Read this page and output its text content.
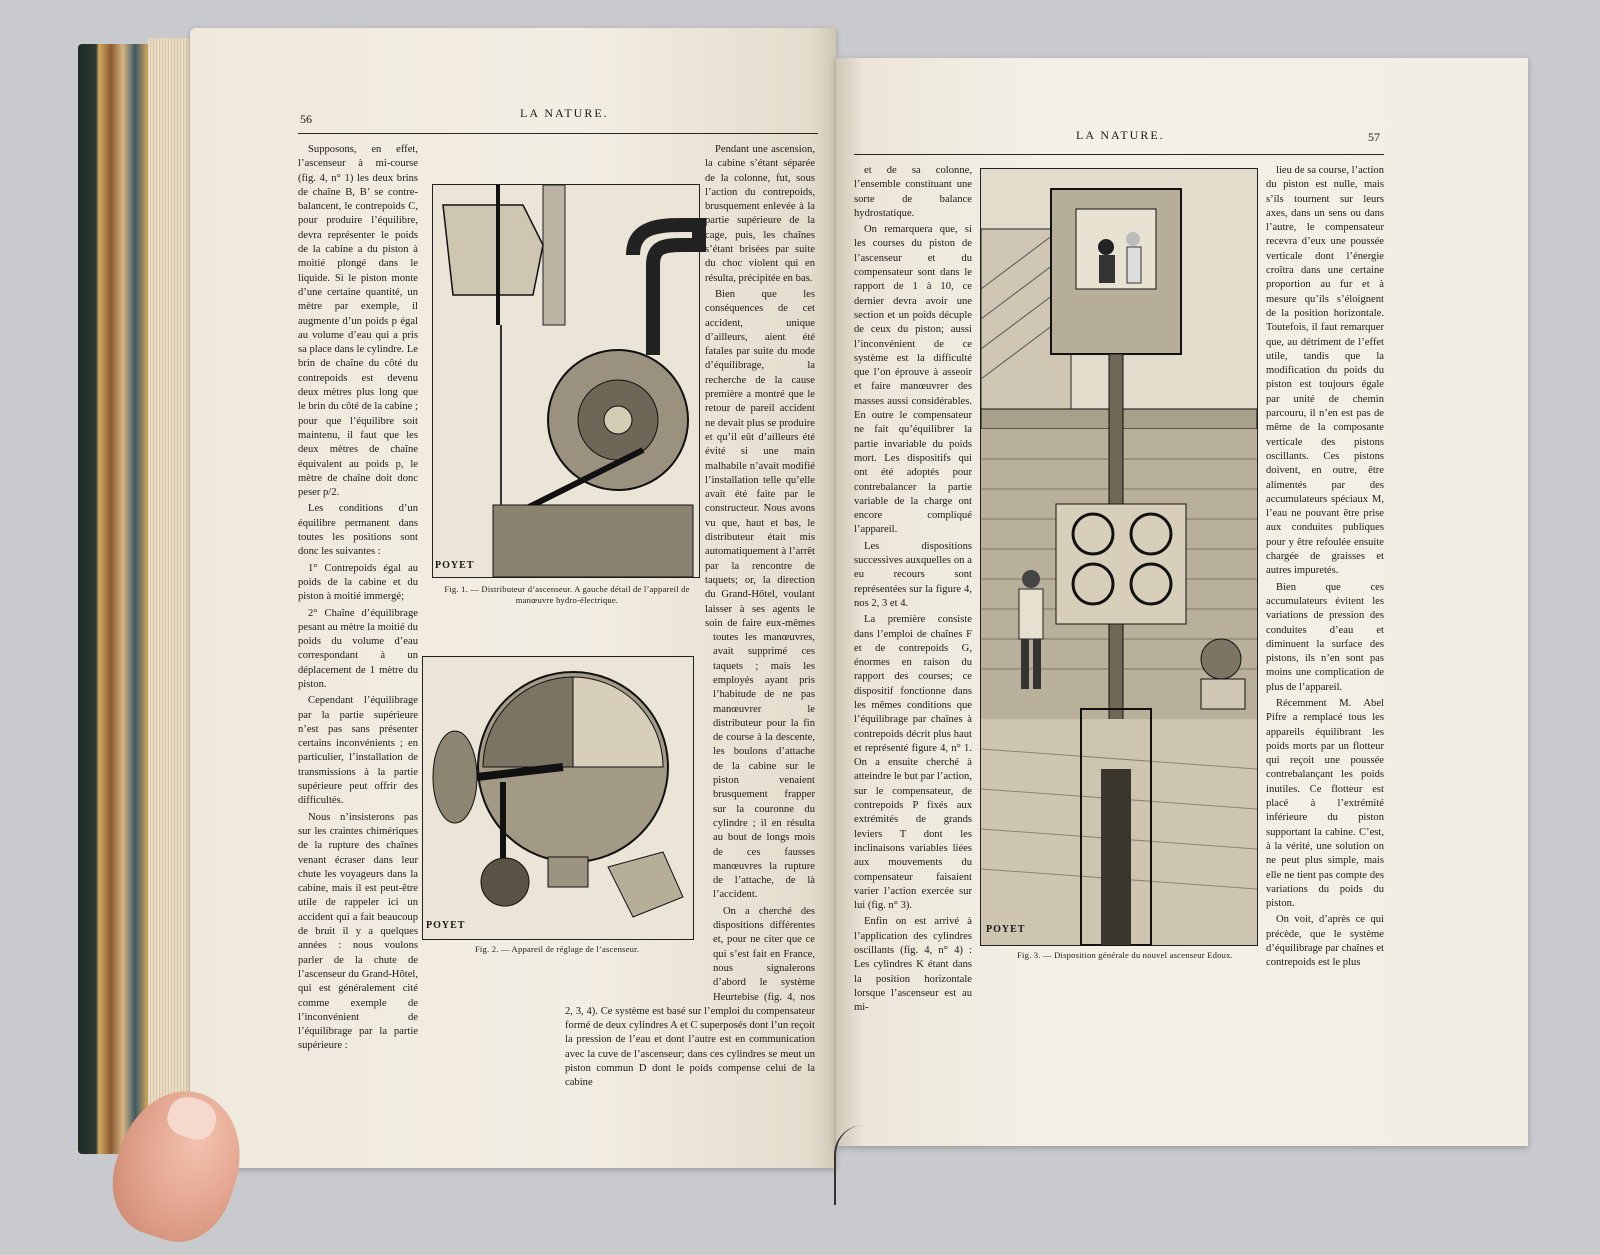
56	LA NATURE.

Supposons, en effet, l’ascenseur à mi-course (fig. 4, n° 1) les deux brins de chaîne B, B’ se contre-balancent, le contrepoids C, pour produire l’équilibre, devra représenter le poids de la cabine a du piston à moitié plongé dans le liquide. Si le piston monte d’une certaine quantité, un mètre par exemple, il augmente d’un poids p égal au volume d’eau qui a pris sa place dans le cylindre. Le brin de chaîne du côté du contrepoids est devenu deux mètres plus long que le brin du côté de la cabine ; pour que l’équilibre soit maintenu, il faut que les deux mètres de chaîne équivalent au poids p, le mètre de chaîne doit donc peser p/2.

Les conditions d’un équilibre permanent dans toutes les positions sont donc les suivantes :

1° Contrepoids égal au poids de la cabine et du piston à moitié immergé;

2° Chaîne d’équilibrage pesant au mètre la moitié du poids du volume d’eau correspondant à un déplacement de 1 mètre du piston.

Cependant l’équilibrage par la partie supérieure n’est pas sans présenter certains inconvénients ; en particulier, l’installation de transmissions à la partie supérieure peut offrir des difficultés.

Nous n’insisterons pas sur les craintes chimériques de la rupture des chaînes venant écraser dans leur chute les voyageurs dans la cabine, mais il est peut-être utile de rappeler ici un accident qui a fait beaucoup de bruit il y a quelques années : nous voulons parler de la chute de l’ascenseur du Grand-Hôtel, qui est généralement cité comme exemple de l’inconvénient de l’équilibrage par la partie supérieure :

POYET
Fig. 1. — Distributeur d’ascenseur. A gauche détail de l’appareil de manœuvre hydro-électrique.
POYET
Fig. 2. — Appareil de réglage de l’ascenseur.

Pendant une ascension, la cabine s’étant séparée de la colonne, fut, sous l’action du contrepoids, brusquement enlevée à la partie supérieure de la cage, puis, les chaînes s’étant brisées par suite du choc violent qui en résulta, précipitée en bas.

Bien que les conséquences de cet accident, unique d’ailleurs, aient été fatales par suite du mode d’équilibrage, la recherche de la cause première a montré que le retour de pareil accident ne devait plus se produire et qu’il eût d’ailleurs été évité si une main malhabile n’avait modifié l’installation telle qu’elle avait été faite par le constructeur. Nous avons vu que, haut et bas, le distributeur était mis automatiquement à l’arrêt par la rencontre de taquets; or, la direction du Grand-Hôtel, voulant laisser à ses agents le soin de faire eux-mêmes toutes les manœuvres, avait supprimé ces taquets ; mais les employés ayant pris l’habitude de ne pas manœuvrer le distributeur pour la fin de course à la descente, les boulons d’attache de la cabine sur le piston venaient brusquement frapper sur la couronne du cylindre ; il en résulta au bout de longs mois de ces fausses manœuvres la rupture de l’attache, de là l’accident.

On a cherché des dispositions différentes et, pour ne citer que ce qui s’est fait en France, nous signalerons d’abord le système Heurtebise (fig. 4, nos 2, 3, 4). Ce système est basé sur l’emploi du compensateur formé de deux cylindres A et C superposés dont l’un reçoit la pression de l’eau et dont l’autre est en communication avec la cuve de l’ascenseur; dans ces cylindres se meut un piston commun D dont le poids compense celui de la cabine

LA NATURE.	57

et de sa colonne, l’ensemble constituant une sorte de balance hydrostatique.

On remarquera que, si les courses du piston de l’ascenseur et du compensateur sont dans le rapport de 1 à 10, ce dernier devra avoir une section et un poids décuple de ceux du piston; aussi l’inconvénient de ce système est la difficulté que l’on éprouve à asseoir et faire manœuvrer des masses aussi considérables. En outre le compensateur ne fait qu’équilibrer la partie invariable du poids mort. Les dispositifs qui ont été adoptés pour contrebalancer la partie variable de la charge ont encore compliqué l’appareil.

Les dispositions successives auxquelles on a eu recours sont représentées sur la figure 4, nos 2, 3 et 4.

La première consiste dans l’emploi de chaînes F et de contrepoids G, énormes en raison du rapport des courses; ce dispositif fonctionne dans les mêmes conditions que l’équilibrage par chaînes à contrepoids décrit plus haut et représenté figure 4, n° 1. On a ensuite cherché à atteindre le but par l’action, sur le compensateur, de contrepoids P fixés aux extrémités de grands leviers T dont les inclinaisons variables liées aux mouvements du compensateur faisaient varier l’action exercée sur lui (fig. n° 3).

Enfin on est arrivé à l’application des cylindres oscillants (fig. 4, n° 4) : Les cylindres K étant dans la position horizontale lorsque l’ascenseur est au mi-

POYET
Fig. 3. — Disposition générale du nouvel ascenseur Edoux.

lieu de sa course, l’action du piston est nulle, mais s’ils tournent sur leurs axes, dans un sens ou dans l’autre, le compensateur recevra d’eux une poussée verticale dont l’énergie croîtra dans une certaine proportion au fur et à mesure qu’ils s’éloignent de la position horizontale. Toutefois, il faut remarquer que, au détriment de l’effet utile, tandis que la modification du poids du piston est toujours égale par unité de chemin parcouru, il n’en est pas de même de la composante verticale des pistons oscillants. Ces pistons doivent, en outre, être alimentés par des accumulateurs spéciaux M, l’eau ne pouvant être prise aux conduites publiques pour y être refoulée ensuite chargée de graisses et autres impuretés.

Bien que ces accumulateurs évitent les variations de pression des conduites d’eau et diminuent la surface des pistons, ils n’en sont pas moins une complication de plus de l’appareil.

Récemment M. Abel Pifre a remplacé tous les appareils équilibrant les poids morts par un flotteur qui reçoit une poussée contrebalançant les poids inutiles. Ce flotteur est placé à l’extrémité inférieure du piston supportant la cabine. C’est, à la vérité, une solution on ne peut plus simple, mais elle ne tient pas compte des variations du poids du piston.

On voit, d’après ce qui précède, que le système d’équilibrage par chaînes et contrepoids est le plus
